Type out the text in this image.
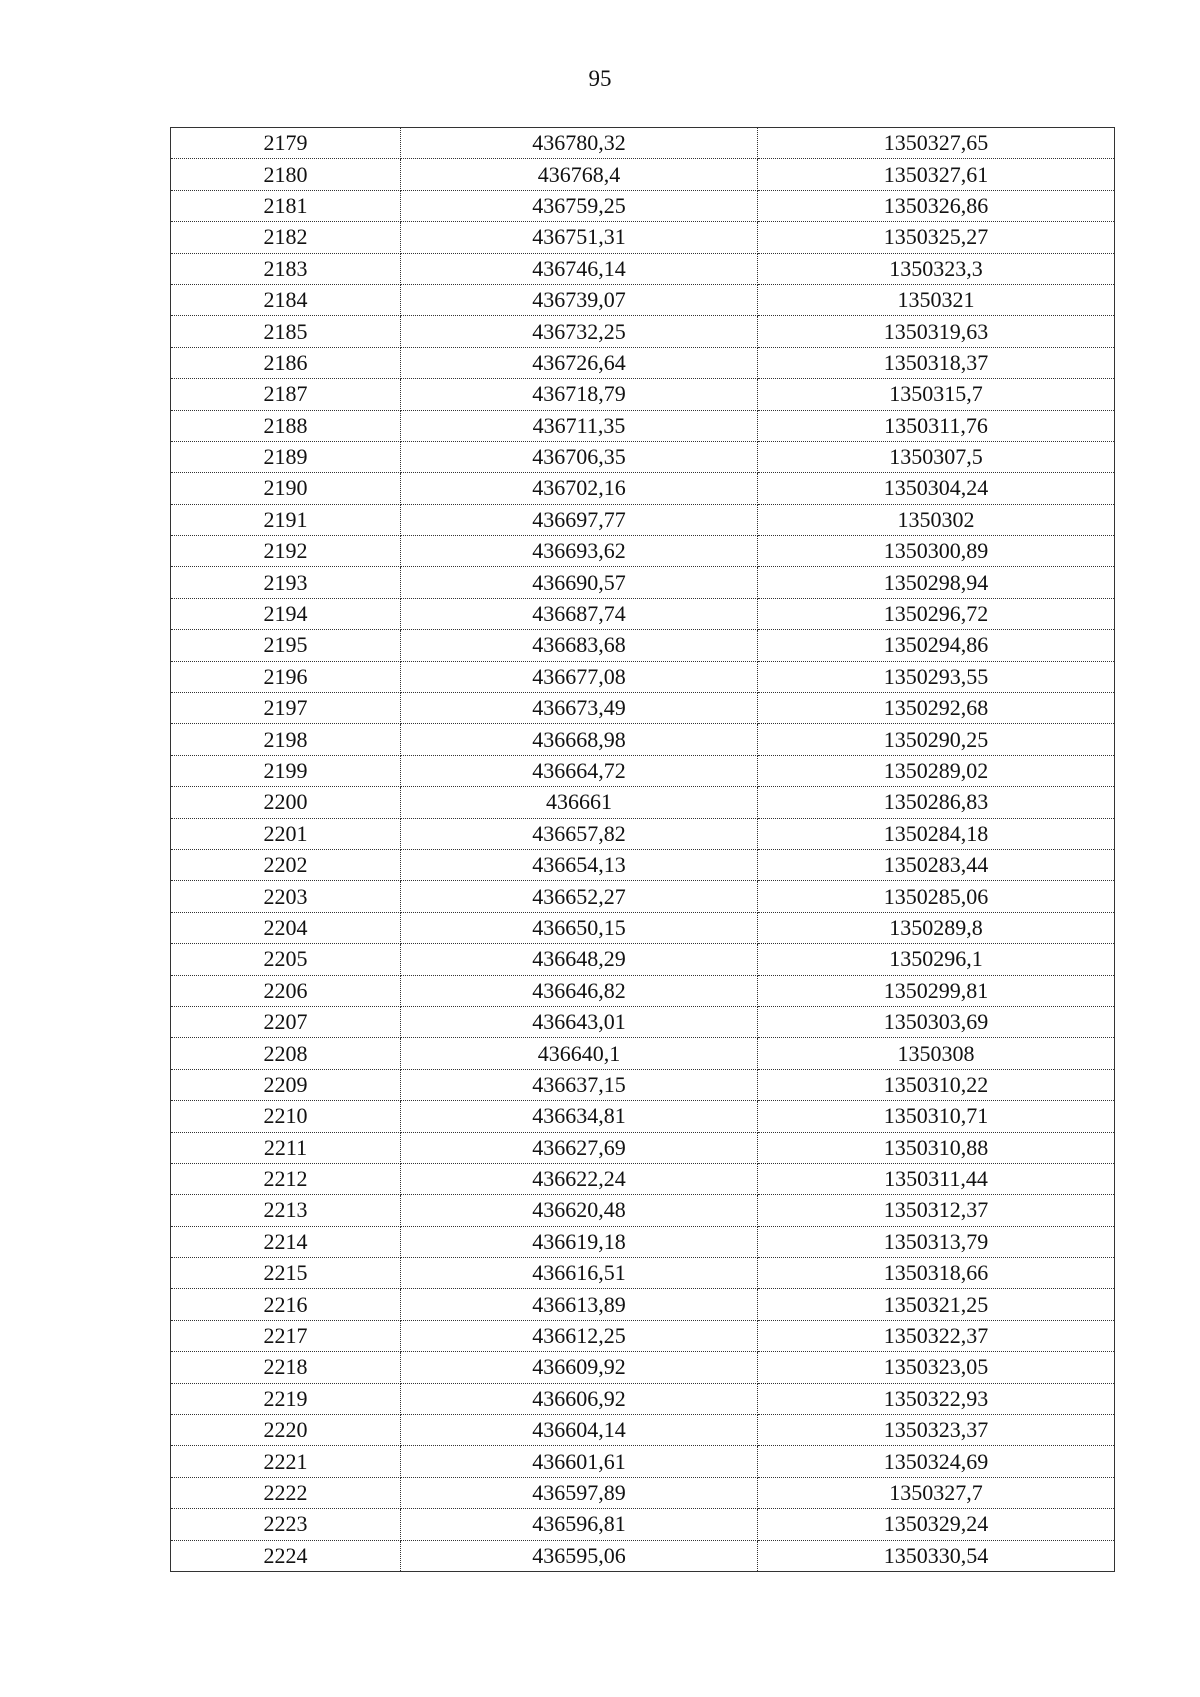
95
2179	436780,32	1350327,65
2180	436768,4	1350327,61
2181	436759,25	1350326,86
2182	436751,31	1350325,27
2183	436746,14	1350323,3
2184	436739,07	1350321
2185	436732,25	1350319,63
2186	436726,64	1350318,37
2187	436718,79	1350315,7
2188	436711,35	1350311,76
2189	436706,35	1350307,5
2190	436702,16	1350304,24
2191	436697,77	1350302
2192	436693,62	1350300,89
2193	436690,57	1350298,94
2194	436687,74	1350296,72
2195	436683,68	1350294,86
2196	436677,08	1350293,55
2197	436673,49	1350292,68
2198	436668,98	1350290,25
2199	436664,72	1350289,02
2200	436661	1350286,83
2201	436657,82	1350284,18
2202	436654,13	1350283,44
2203	436652,27	1350285,06
2204	436650,15	1350289,8
2205	436648,29	1350296,1
2206	436646,82	1350299,81
2207	436643,01	1350303,69
2208	436640,1	1350308
2209	436637,15	1350310,22
2210	436634,81	1350310,71
2211	436627,69	1350310,88
2212	436622,24	1350311,44
2213	436620,48	1350312,37
2214	436619,18	1350313,79
2215	436616,51	1350318,66
2216	436613,89	1350321,25
2217	436612,25	1350322,37
2218	436609,92	1350323,05
2219	436606,92	1350322,93
2220	436604,14	1350323,37
2221	436601,61	1350324,69
2222	436597,89	1350327,7
2223	436596,81	1350329,24
2224	436595,06	1350330,54
